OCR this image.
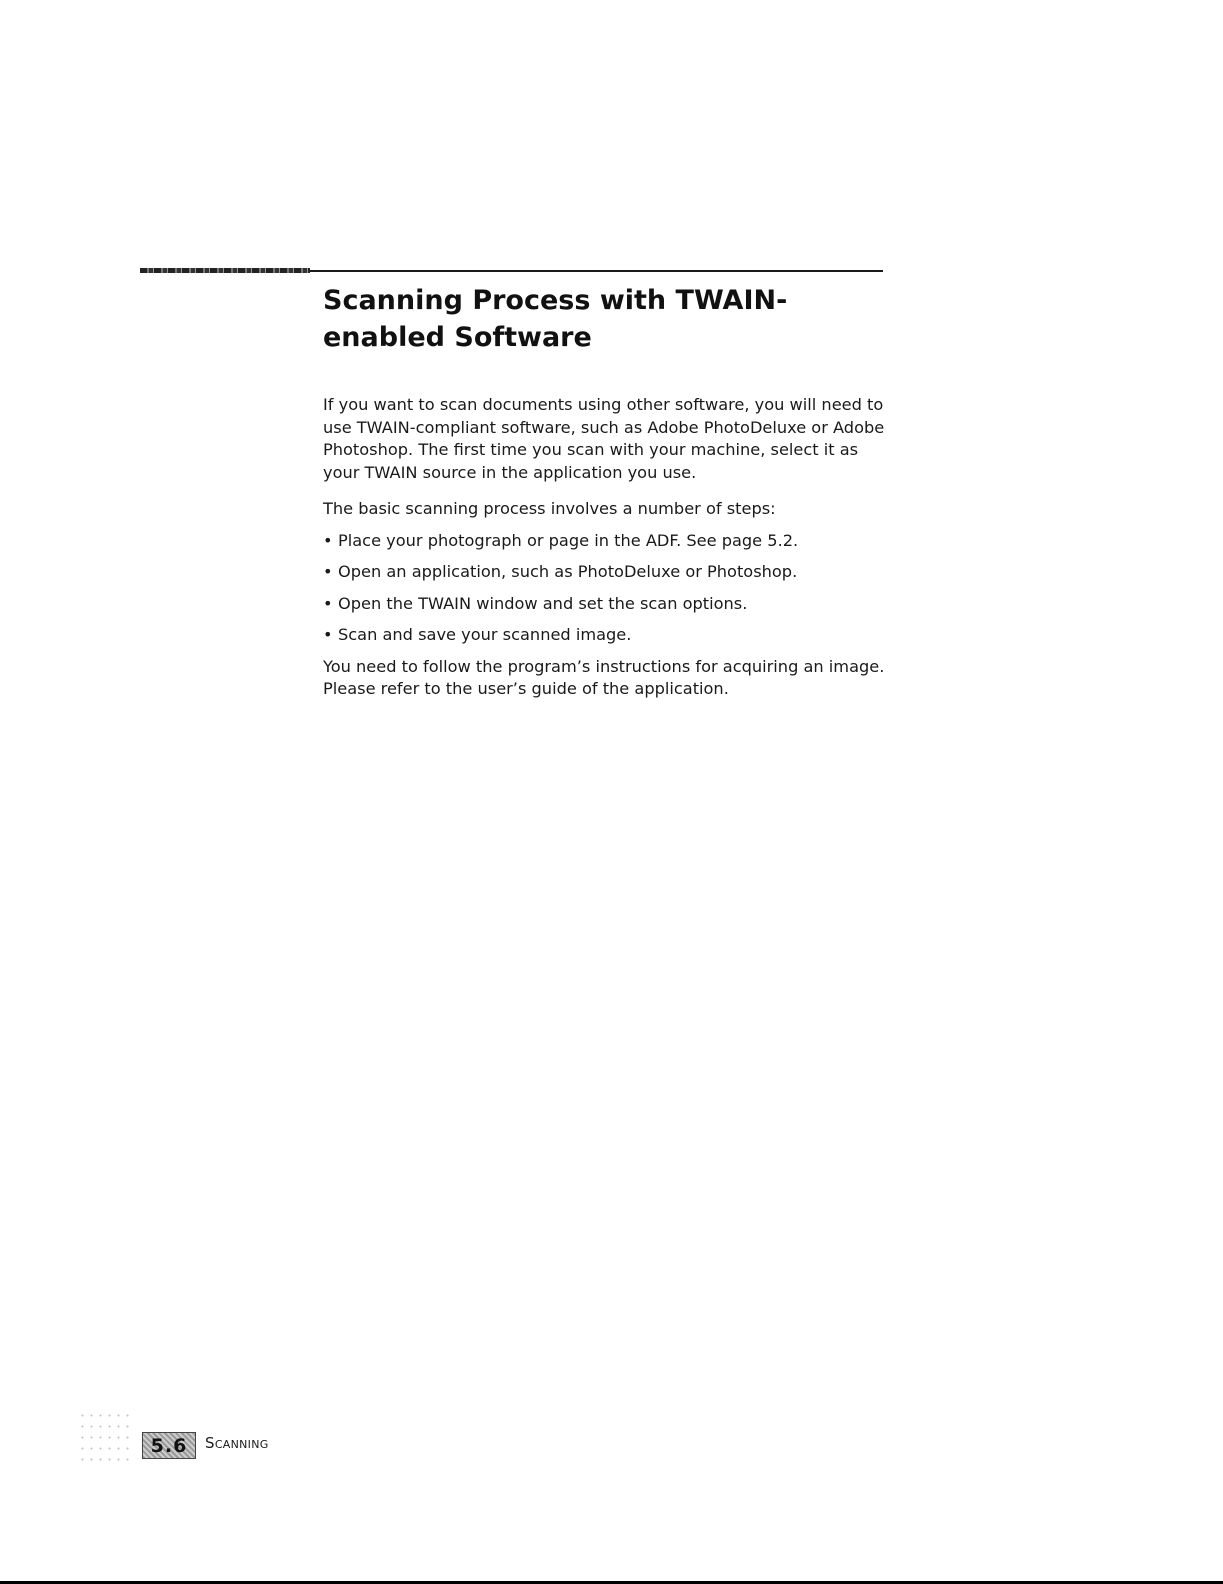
Scanning Process with TWAIN-enabled Software

If you want to scan documents using other software, you will need to use TWAIN-compliant software, such as Adobe PhotoDeluxe or Adobe Photoshop. The first time you scan with your machine, select it as your TWAIN source in the application you use.

The basic scanning process involves a number of steps:

• Place your photograph or page in the ADF. See page 5.2.
• Open an application, such as PhotoDeluxe or Photoshop.
• Open the TWAIN window and set the scan options.
• Scan and save your scanned image.

You need to follow the program’s instructions for acquiring an image. Please refer to the user’s guide of the application.

5.6	Scanning
